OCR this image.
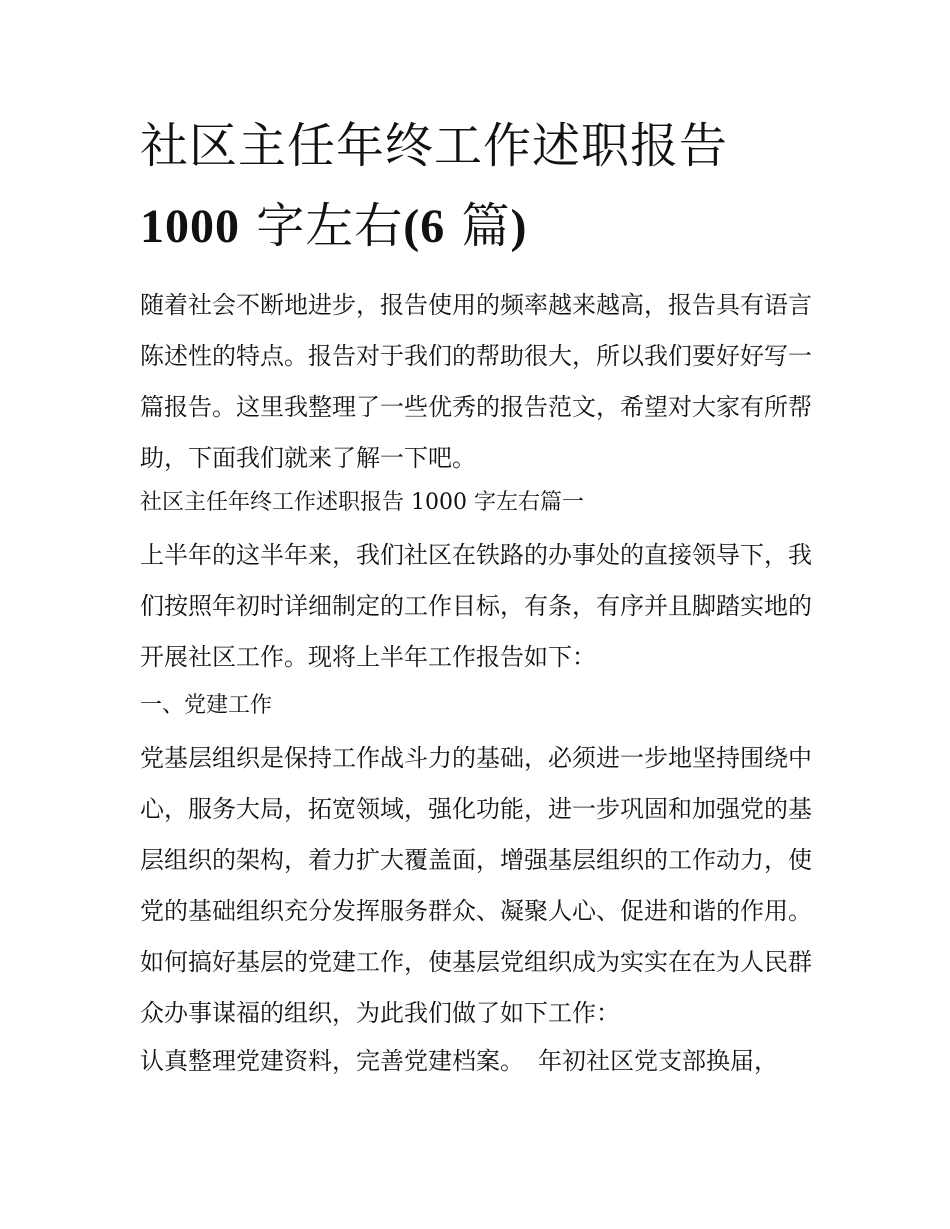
社区主任年终工作述职报告
1000 字左右(6 篇)

随着社会不断地进步，报告使用的频率越来越高，报告具有语言陈述性的特点。报告对于我们的帮助很大，所以我们要好好写一篇报告。这里我整理了一些优秀的报告范文，希望对大家有所帮助，下面我们就来了解一下吧。

社区主任年终工作述职报告 1000 字左右篇一

上半年的这半年来，我们社区在铁路的办事处的直接领导下，我们按照年初时详细制定的工作目标，有条，有序并且脚踏实地的开展社区工作。现将上半年工作报告如下：

一、党建工作

党基层组织是保持工作战斗力的基础，必须进一步地坚持围绕中心，服务大局，拓宽领域，强化功能，进一步巩固和加强党的基层组织的架构，着力扩大覆盖面，增强基层组织的工作动力，使党的基础组织充分发挥服务群众、凝聚人心、促进和谐的作用。如何搞好基层的党建工作，使基层党组织成为实实在在为人民群众办事谋福的组织，为此我们做了如下工作：

认真整理党建资料，完善党建档案。 年初社区党支部换届，
